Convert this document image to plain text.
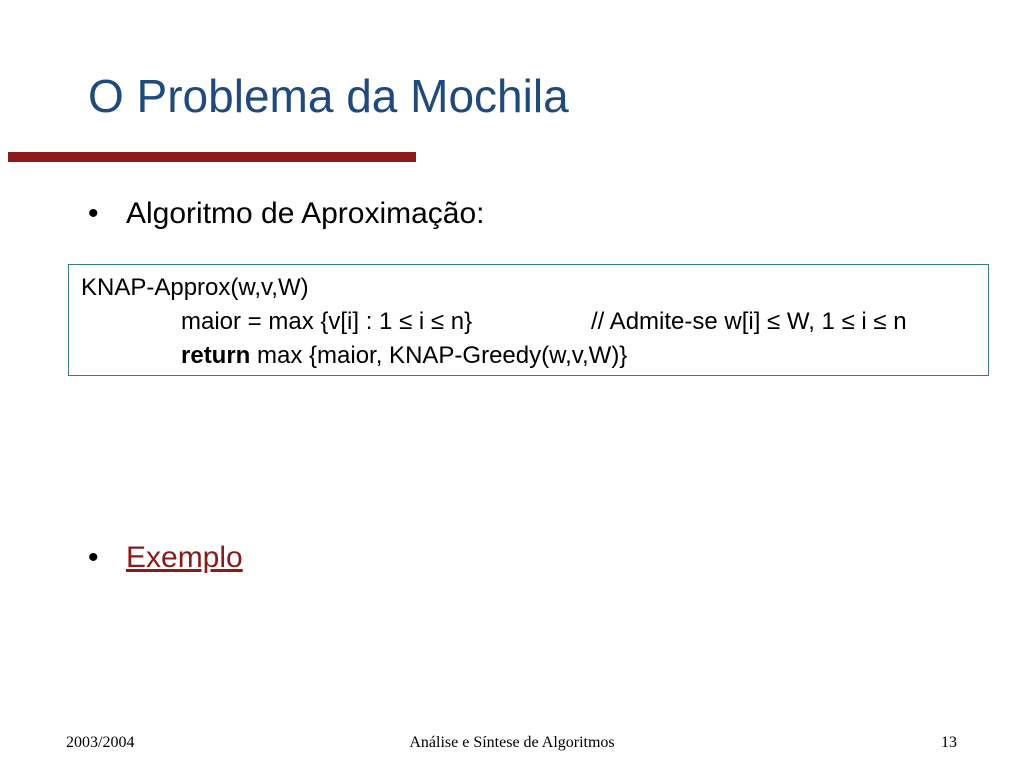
O Problema da Mochila
• Algoritmo de Aproximação:
KNAP-Approx(w,v,W)
maior = max {v[i] : 1 ≤ i ≤ n}	// Admite-se w[i] ≤ W, 1 ≤ i ≤ n
return max {maior, KNAP-Greedy(w,v,W)}
• Exemplo
Análise e Síntese de Algoritmos
2003/2004	13
